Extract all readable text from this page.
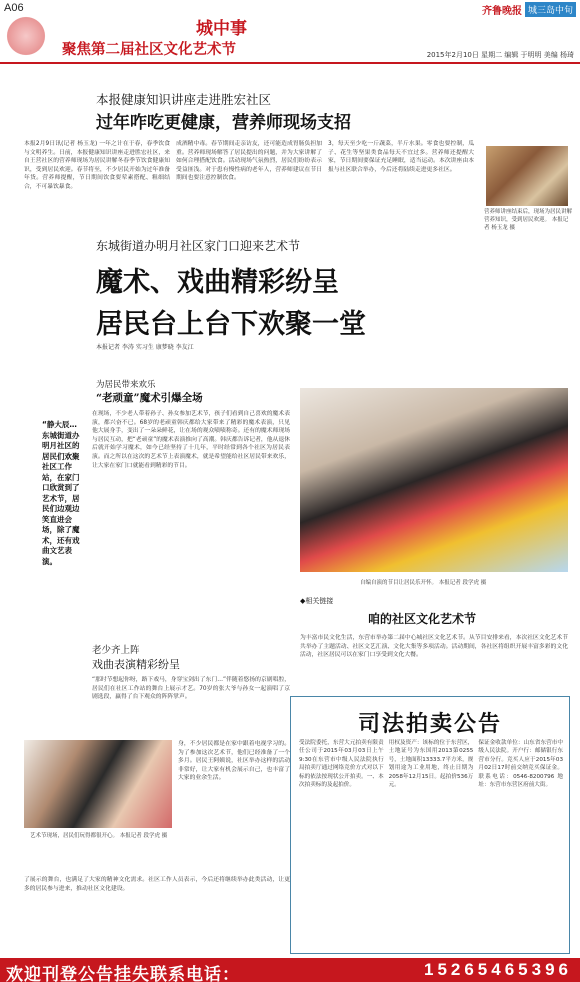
A06
城中事
齐鲁晚报 城三岛中旬
聚焦第二届社区文化艺术节	2015年2月10日 星期二 编辑 于明明 美编 杨琦
本报健康知识讲座走进胜宏社区
过年咋吃更健康，营养师现场支招
本报2月9日讯(记者 杨玉龙) 一年之计在于春，春季饮食与文明养生。日前，本报健康知识讲座走进胜宏社区，来自王营社区的营养师现场为居民讲解冬春季节饮食健康知识，受到居民欢迎。春节将至，不少居民开始为过年准备年货。营养师提醒，节日期间饮食要荤素搭配、粗细结合，不可暴饮暴食。
成酒精中毒。春节期间走亲访友，还可能造成胃肠负担加重。营养师现场解答了居民提出的问题，并为大家讲解了如何合理搭配饮食。活动现场气氛热烈，居民们纷纷表示受益匪浅。对于患有慢性病的老年人，营养师建议在节日期间也要注意控制饮食。
3，每天至少吃一斤蔬菜，半斤水果。零食也要控制，瓜子、花生等坚果类食品每天不宜过多。营养师还提醒大家，节日期间要保证充足睡眠，适当运动。本次讲座由本报与社区联合举办，今后还将陆续走进更多社区。
营养师讲座结束后，现场为居民讲解营养知识，受到居民欢迎。 本报记者 杨玉龙 摄
东城街道办明月社区家门口迎来艺术节
魔术、戏曲精彩纷呈
居民台上台下欢聚一堂
本报记者 李涛 实习生 康梦晓 李友江
为居民带来欢乐
“老顽童”魔术引爆全场
“静大辰…东城街道办明月社区的居民们欢聚社区工作站，在家门口欣赏到了艺术节，居民们边观边笑直进会场，除了魔术，还有戏曲文艺表演。
在现场，不少老人带着孙子、孙女参加艺术节，孩子们看到自己喜欢的魔术表演，都兴奋不已。68岁的老顽童韩庆都给大家带来了精彩的魔术表演，只见他大展身手，变出了一朵朵鲜花，让在场的观众啧啧称奇。还有的魔术师现场与居民互动，把“老顽童”的魔术表演推向了高潮。韩庆都告诉记者，他从退休后就开始学习魔术，如今已经坚持了十几年，平时经常到各个社区为居民表演。而之所以在这次的艺术节上表演魔术，就是希望能给社区居民带来欢乐，让大家在家门口就能看到精彩的节目。
自编自演的节目让居民乐开怀。 本报记者 段学虎 摄
◆相关链接
咱的社区文化艺术节
为丰富市民文化生活，东营市举办第二届中心城社区文化艺术节。从节目安排来看，本次社区文化艺术节共举办了主题活动、社区文艺汇演、文化大集等多项活动。活动期间，各社区将组织开展丰富多彩的文化活动，社区居民可以在家门口享受到文化大餐。
老少齐上阵
戏曲表演精彩纷呈
“那时节想起你呀，路下戏马，身穿宝剑出了东门…”伴随着悠扬的京剧唱腔，居民们在社区工作站的舞台上展示才艺。70岁的张大爷与孙女一起演唱了京剧选段，赢得了台下观众的阵阵掌声。
艺术节现场，居民们玩得都很开心。 本报记者 段学虎 摄
身，不少居民都是在家中跟着电视学习的。为了参加这次艺术节，他们已经准备了一个多月。居民王阿姨说，社区举办这样的活动非常好，让大家有机会展示自己，也丰富了大家的业余生活。
了展示的舞台，也满足了大家的精神文化需求。社区工作人员表示，今后还将继续举办此类活动，让更多的居民参与进来，推动社区文化建设。
司法拍卖公告
受法院委托，东营大元拍卖有限责任公司于2015年03月03日上午9:30在东营市中级人民法院执行局拍卖厅通过网络竞价方式对以下标的依法按现状公开拍卖。一、本次拍卖标的及起拍价。
用权及资产：该标的位于东营区，土地证号为东国用2013第0255号，土地面积13333.7平方米，规划用途为工业用地，终止日期为2058年12月15日。起拍价536万元。
保证金收款单位：山东省东营市中级人民法院。开户行：邮储银行东营市分行。竞买人应于2015年03月02日17时前交纳竞买保证金。联系电话：0546-8200796 地址：东营市东营区府前大街。
欢迎刊登公告挂失联系电话：	15265465396
